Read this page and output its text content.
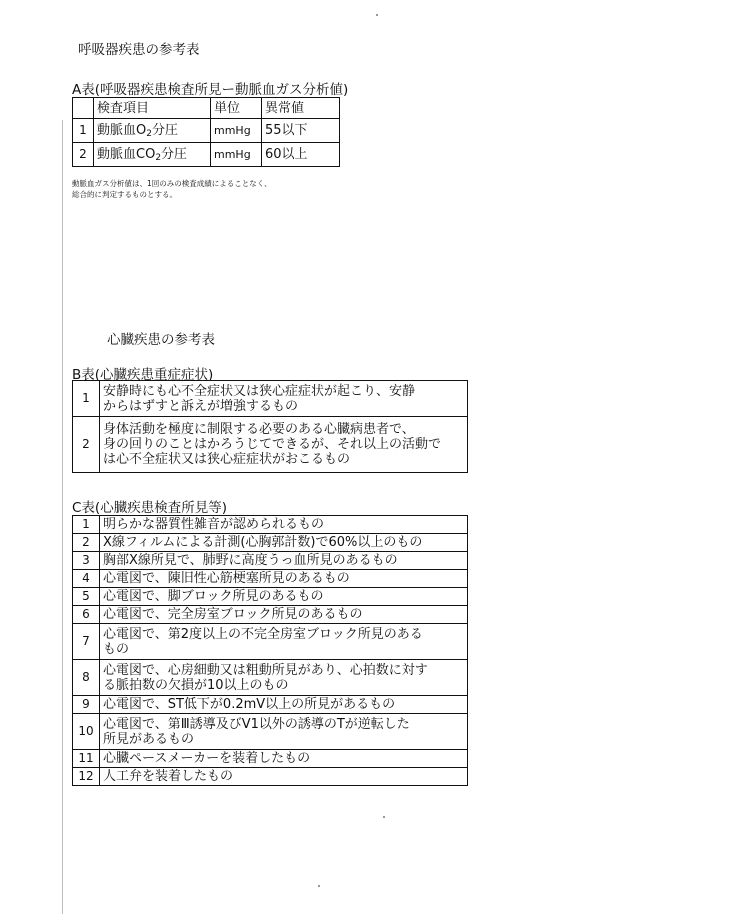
呼吸器疾患の参考表
A表(呼吸器疾患検査所見ー動脈血ガス分析値)
	検査項目	単位	異常値
1	動脈血$O_2$分圧	mmHg	55以下
2	動脈血$CO_2$分圧	mmHg	60以上
動脈血ガス分析値は、1回のみの検査成績によることなく、
総合的に判定するものとする。
心臓疾患の参考表
B表(心臓疾患重症症状)
1	安静時にも心不全症状又は狭心症症状が起こり、安静
からはずすと訴えが増強するもの

2	身体活動を極度に制限する必要のある心臓病患者で、
身の回りのことはかろうじてできるが、それ以上の活動で
は心不全症状又は狭心症症状がおこるもの
C表(心臓疾患検査所見等)
1	明らかな器質性雑音が認められるもの
2	X線フィルムによる計測(心胸郭計数)で60%以上のもの
3	胸部X線所見で、肺野に高度うっ血所見のあるもの
4	心電図で、陳旧性心筋梗塞所見のあるもの
5	心電図で、脚ブロック所見のあるもの
6	心電図で、完全房室ブロック所見のあるもの
7	心電図で、第2度以上の不完全房室ブロック所見のある
もの

8	心電図で、心房細動又は粗動所見があり、心拍数に対す
る脈拍数の欠損が10以上のもの

9	心電図で、ST低下が0.2mV以上の所見があるもの
10	心電図で、第Ⅲ誘導及びV1以外の誘導のTが逆転した
所見があるもの

11	心臓ペースメーカーを装着したもの
12	人工弁を装着したもの
